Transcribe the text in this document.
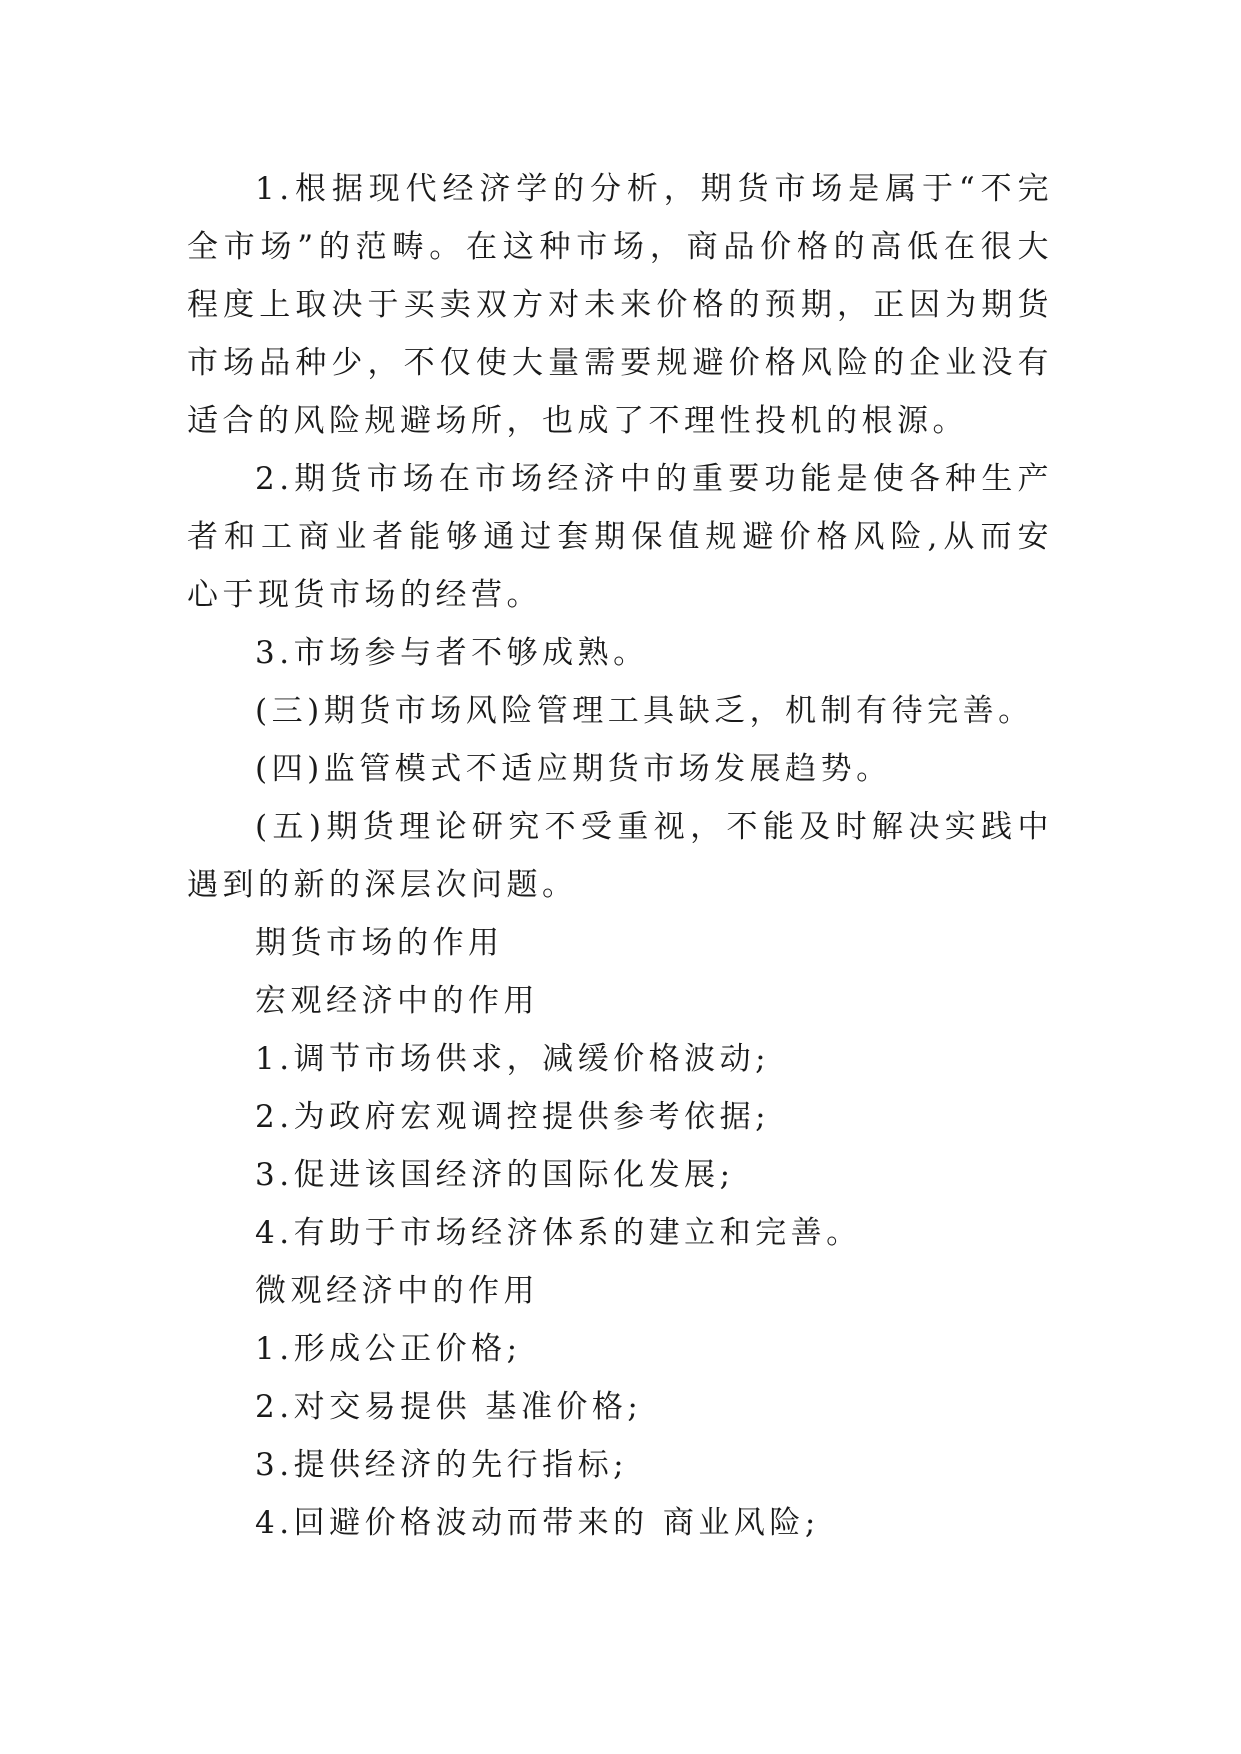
1.根据现代经济学的分析，期货市场是属于“不完全市场”的范畴。在这种市场，商品价格的高低在很大程度上取决于买卖双方对未来价格的预期，正因为期货市场品种少，不仅使大量需要规避价格风险的企业没有适合的风险规避场所，也成了不理性投机的根源。

2.期货市场在市场经济中的重要功能是使各种生产者和工商业者能够通过套期保值规避价格风险,从而安心于现货市场的经营。

3.市场参与者不够成熟。

(三)期货市场风险管理工具缺乏，机制有待完善。

(四)监管模式不适应期货市场发展趋势。

(五)期货理论研究不受重视，不能及时解决实践中遇到的新的深层次问题。

期货市场的作用

宏观经济中的作用

1.调节市场供求，减缓价格波动;

2.为政府宏观调控提供参考依据;

3.促进该国经济的国际化发展;

4.有助于市场经济体系的建立和完善。

微观经济中的作用

1.形成公正价格;

2.对交易提供 基准价格;

3.提供经济的先行指标;

4.回避价格波动而带来的 商业风险;
